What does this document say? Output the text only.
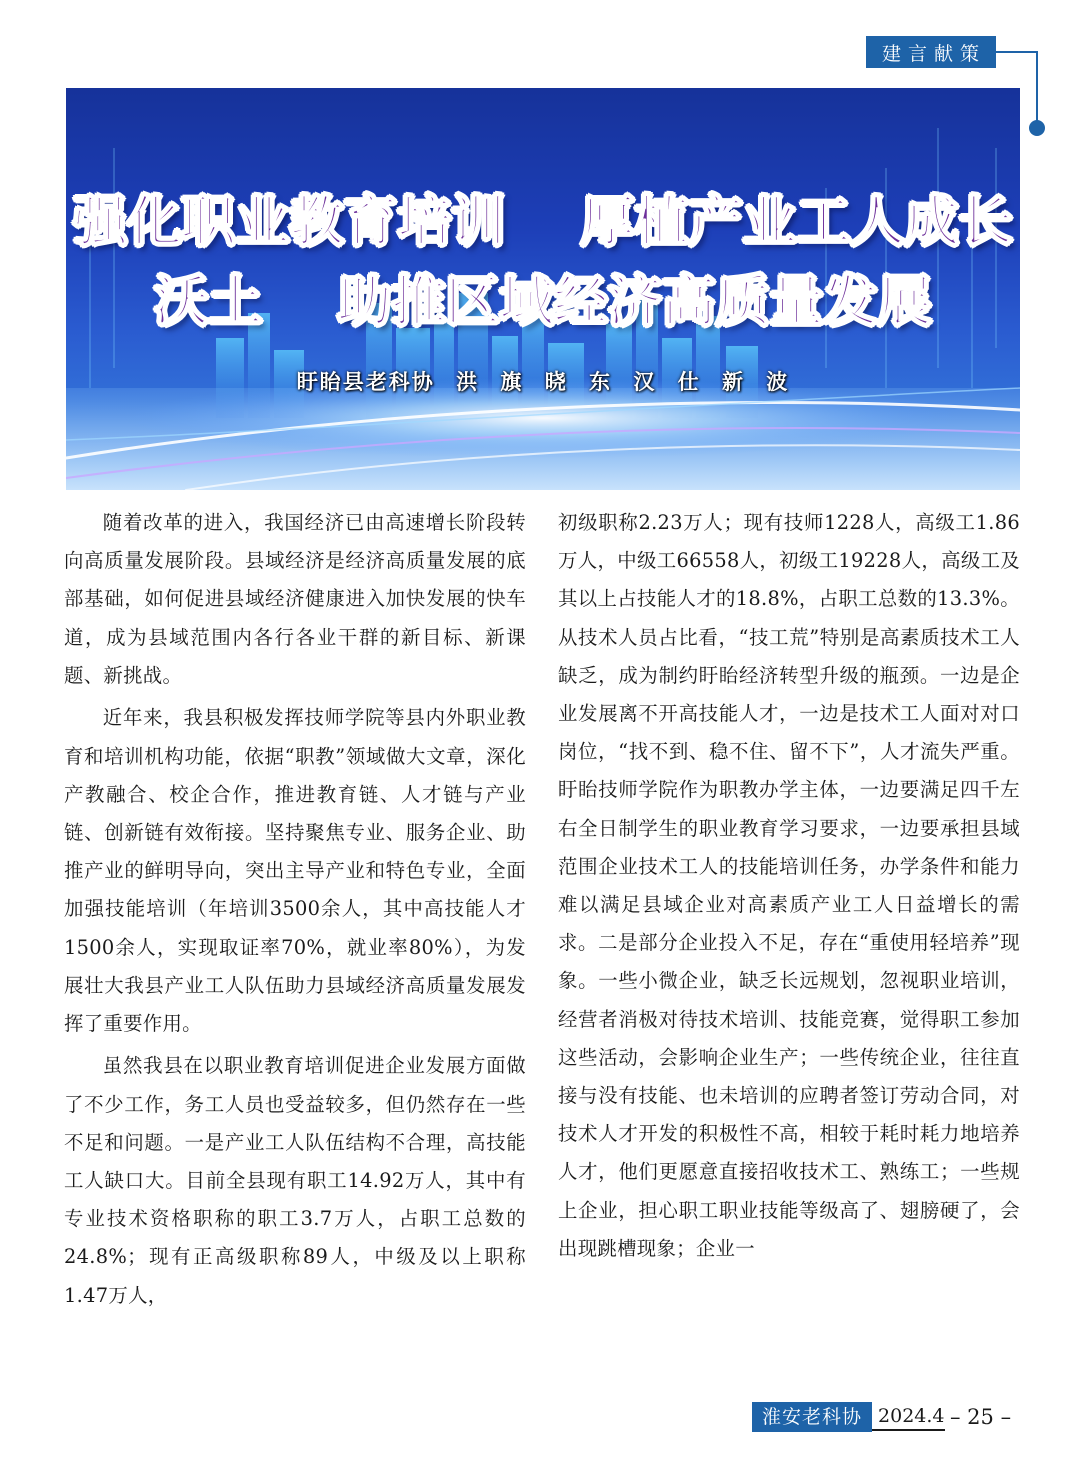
建言献策
强化职业教育培训    厚植产业工人成长
沃土    助推区域经济高质量发展
盱眙县老科协 洪 旗 晓 东 汉 仕 新 波

随着改革的进入，我国经济已由高速增长阶段转向高质量发展阶段。县域经济是经济高质量发展的底部基础，如何促进县域经济健康进入加快发展的快车道，成为县域范围内各行各业干群的新目标、新课题、新挑战。

近年来，我县积极发挥技师学院等县内外职业教育和培训机构功能，依据“职教”领域做大文章，深化产教融合、校企合作，推进教育链、人才链与产业链、创新链有效衔接。坚持聚焦专业、服务企业、助推产业的鲜明导向，突出主导产业和特色专业，全面加强技能培训（年培训3500余人，其中高技能人才1500余人，实现取证率70%，就业率80%），为发展壮大我县产业工人队伍助力县域经济高质量发展发挥了重要作用。

虽然我县在以职业教育培训促进企业发展方面做了不少工作，务工人员也受益较多，但仍然存在一些不足和问题。一是产业工人队伍结构不合理，高技能工人缺口大。目前全县现有职工14.92万人，其中有专业技术资格职称的职工3.7万人，占职工总数的24.8%；现有正高级职称89人，中级及以上职称1.47万人，

初级职称2.23万人；现有技师1228人，高级工1.86万人，中级工66558人，初级工19228人，高级工及其以上占技能人才的18.8%，占职工总数的13.3%。从技术人员占比看，“技工荒”特别是高素质技术工人缺乏，成为制约盱眙经济转型升级的瓶颈。一边是企业发展离不开高技能人才，一边是技术工人面对对口岗位，“找不到、稳不住、留不下”，人才流失严重。盱眙技师学院作为职教办学主体，一边要满足四千左右全日制学生的职业教育学习要求，一边要承担县域范围企业技术工人的技能培训任务，办学条件和能力难以满足县域企业对高素质产业工人日益增长的需求。二是部分企业投入不足，存在“重使用轻培养”现象。一些小微企业，缺乏长远规划，忽视职业培训，经营者消极对待技术培训、技能竞赛，觉得职工参加这些活动，会影响企业生产；一些传统企业，往往直接与没有技能、也未培训的应聘者签订劳动合同，对技术人才开发的积极性不高，相较于耗时耗力地培养人才，他们更愿意直接招收技术工、熟练工；一些规上企业，担心职工职业技能等级高了、翅膀硬了，会出现跳槽现象；企业一

淮安老科协 2024.4 – 25 –
